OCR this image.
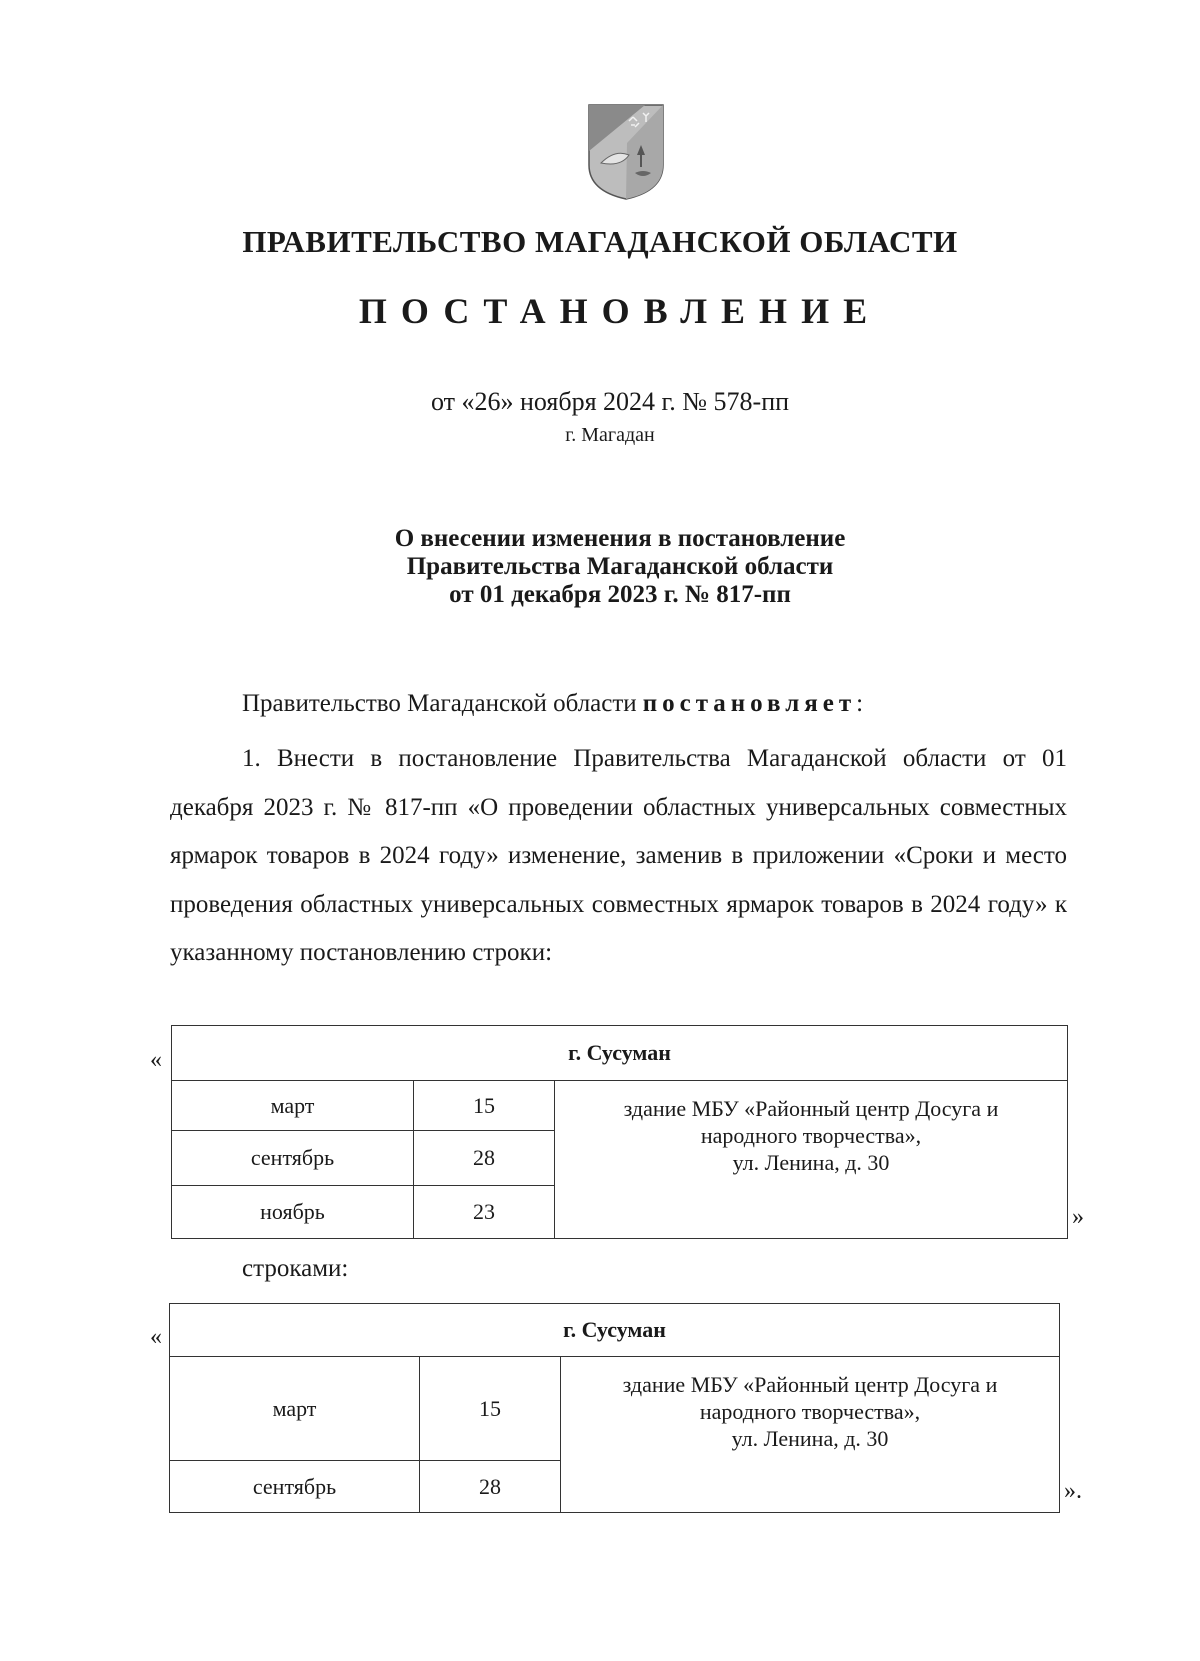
ПРАВИТЕЛЬСТВО МАГАДАНСКОЙ ОБЛАСТИ
ПОСТАНОВЛЕНИЕ
от «26» ноября 2024 г. № 578-пп
г. Магадан
О внесении изменения в постановление
Правительства Магаданской области
от 01 декабря 2023 г. № 817-пп
Правительство Магаданской области постановляет:

1. Внести в постановление Правительства Магаданской области от 01 декабря 2023 г. № 817-пп «О проведении областных универсальных совместных ярмарок товаров в 2024 году» изменение, заменив в приложении «Сроки и место проведения областных универсальных совместных ярмарок товаров в 2024 году» к указанному постановлению строки:

«	г. Сусуман		
март	15	здание МБУ «Районный центр Досуга и
народного творчества»,
ул. Ленина, д. 30

сентябрь	28	
ноябрь	23		»
строками:
«	г. Сусуман		
март	15	здание МБУ «Районный центр Досуга и
народного творчества»,
ул. Ленина, д. 30

сентябрь	28		».
